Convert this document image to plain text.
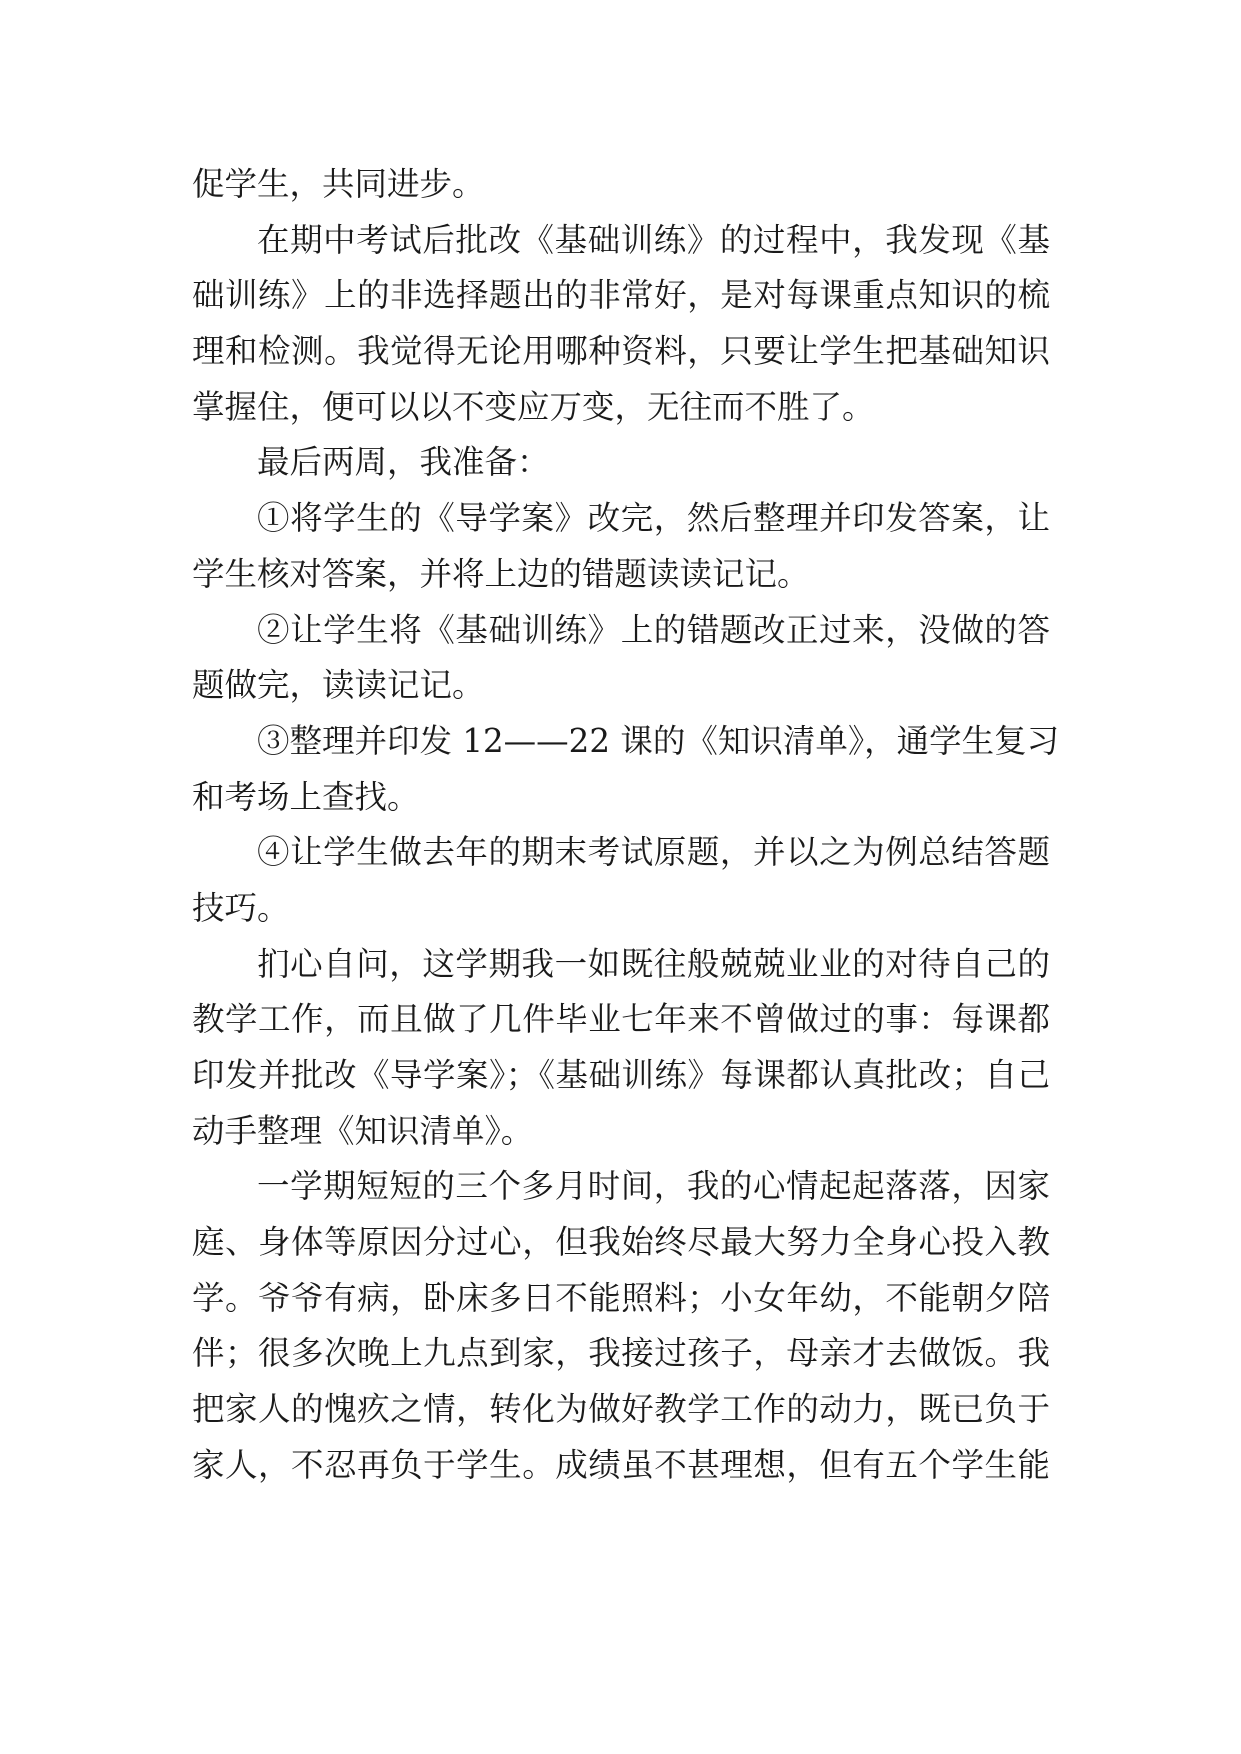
促学生，共同进步。
在期中考试后批改《基础训练》的过程中，我发现《基
础训练》上的非选择题出的非常好，是对每课重点知识的梳
理和检测。我觉得无论用哪种资料，只要让学生把基础知识
掌握住，便可以以不变应万变，无往而不胜了。
最后两周，我准备：
①将学生的《导学案》改完，然后整理并印发答案，让
学生核对答案，并将上边的错题读读记记。
②让学生将《基础训练》上的错题改正过来，没做的答
题做完，读读记记。
③整理并印发 12——22 课的《知识清单》，通学生复习
和考场上查找。
④让学生做去年的期末考试原题，并以之为例总结答题
技巧。
扪心自问，这学期我一如既往般兢兢业业的对待自己的
教学工作，而且做了几件毕业七年来不曾做过的事：每课都
印发并批改《导学案》；《基础训练》每课都认真批改；自己
动手整理《知识清单》。
一学期短短的三个多月时间，我的心情起起落落，因家
庭、身体等原因分过心，但我始终尽最大努力全身心投入教
学。爷爷有病，卧床多日不能照料；小女年幼，不能朝夕陪
伴；很多次晚上九点到家，我接过孩子，母亲才去做饭。我
把家人的愧疚之情，转化为做好教学工作的动力，既已负于
家人，不忍再负于学生。成绩虽不甚理想，但有五个学生能
